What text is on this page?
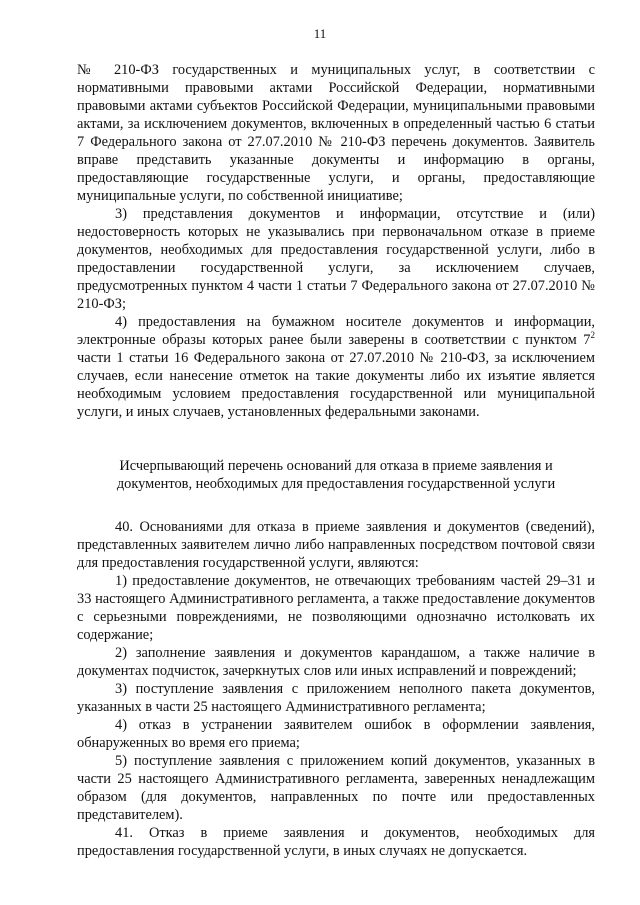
11

№ 210-ФЗ государственных и муниципальных услуг, в соответствии с нормативными правовыми актами Российской Федерации, нормативными правовыми актами субъектов Российской Федерации, муниципальными правовыми актами, за исключением документов, включенных в определенный частью 6 статьи 7 Федерального закона от 27.07.2010 № 210-ФЗ перечень документов. Заявитель вправе представить указанные документы и информацию в органы, предоставляющие государственные услуги, и органы, предоставляющие муниципальные услуги, по собственной инициативе;

3) представления документов и информации, отсутствие и (или) недостоверность которых не указывались при первоначальном отказе в приеме документов, необходимых для предоставления государственной услуги, либо в предоставлении государственной услуги, за исключением случаев, предусмотренных пунктом 4 части 1 статьи 7 Федерального закона от 27.07.2010 № 210-ФЗ;

4) предоставления на бумажном носителе документов и информации, электронные образы которых ранее были заверены в соответствии с пунктом $7^2$ части 1 статьи 16 Федерального закона от 27.07.2010 № 210-ФЗ, за исключением случаев, если нанесение отметок на такие документы либо их изъятие является необходимым условием предоставления государственной или муниципальной услуги, и иных случаев, установленных федеральными законами.

Исчерпывающий перечень оснований для отказа в приеме заявления и
документов, необходимых для предоставления государственной услуги

40. Основаниями для отказа в приеме заявления и документов (сведений), представленных заявителем лично либо направленных посредством почтовой связи для предоставления государственной услуги, являются:

1) предоставление документов, не отвечающих требованиям частей 29–31 и 33 настоящего Административного регламента, а также предоставление документов с серьезными повреждениями, не позволяющими однозначно истолковать их содержание;

2) заполнение заявления и документов карандашом, а также наличие в документах подчисток, зачеркнутых слов или иных исправлений и повреждений;

3) поступление заявления с приложением неполного пакета документов, указанных в части 25 настоящего Административного регламента;

4) отказ в устранении заявителем ошибок в оформлении заявления, обнаруженных во время его приема;

5) поступление заявления с приложением копий документов, указанных в части 25 настоящего Административного регламента, заверенных ненадлежащим образом (для документов, направленных по почте или предоставленных представителем).

41. Отказ в приеме заявления и документов, необходимых для предоставления государственной услуги, в иных случаях не допускается.
